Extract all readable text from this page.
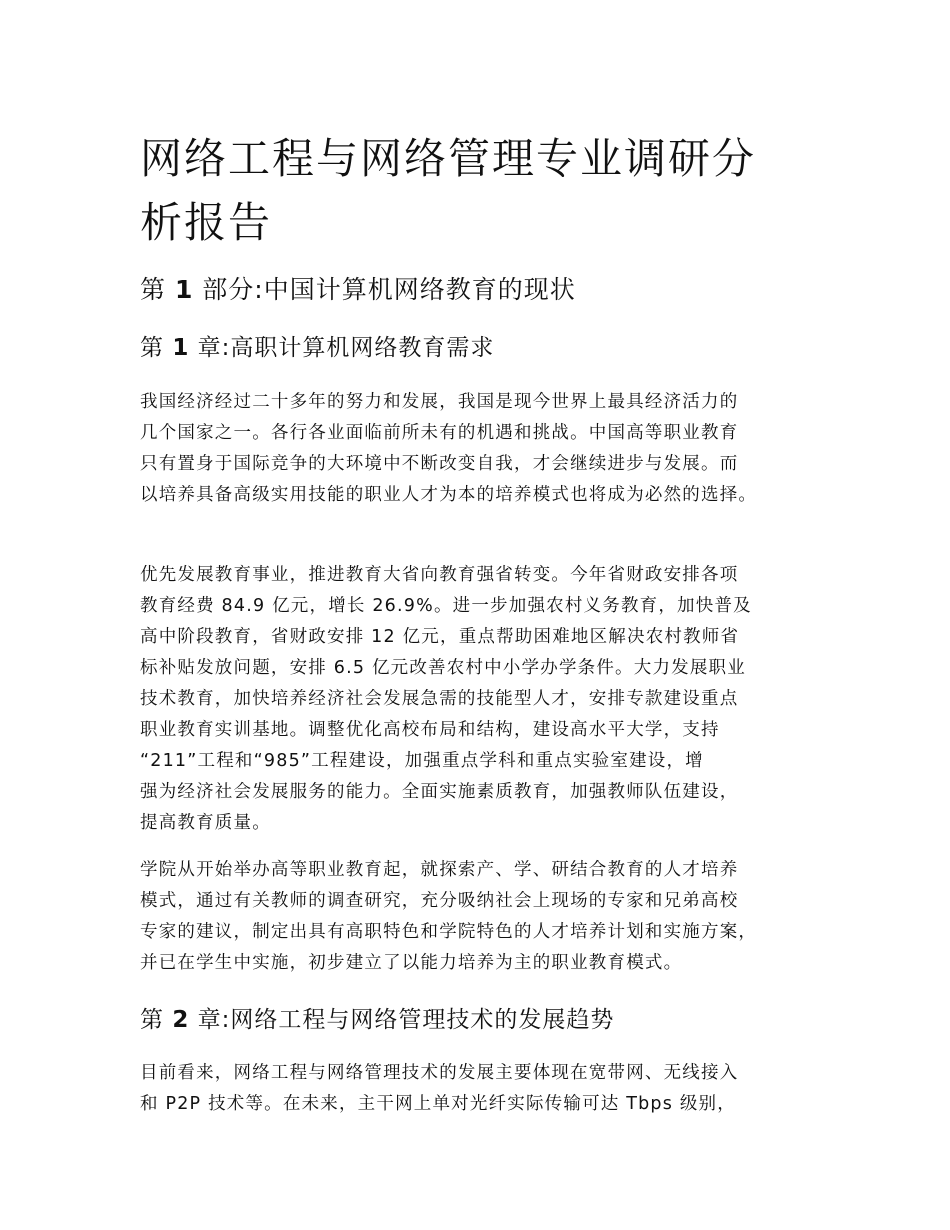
网络工程与网络管理专业调研分
析报告
第 1 部分:中国计算机网络教育的现状
第 1 章:高职计算机网络教育需求
我国经济经过二十多年的努力和发展，我国是现今世界上最具经济活力的
几个国家之一。各行各业面临前所未有的机遇和挑战。中国高等职业教育
只有置身于国际竞争的大环境中不断改变自我，才会继续进步与发展。而
以培养具备高级实用技能的职业人才为本的培养模式也将成为必然的选择。
优先发展教育事业，推进教育大省向教育强省转变。今年省财政安排各项
教育经费 84.9 亿元，增长 26.9%。进一步加强农村义务教育，加快普及
高中阶段教育，省财政安排 12 亿元，重点帮助困难地区解决农村教师省
标补贴发放问题，安排 6.5 亿元改善农村中小学办学条件。大力发展职业
技术教育，加快培养经济社会发展急需的技能型人才，安排专款建设重点
职业教育实训基地。调整优化高校布局和结构，建设高水平大学，支持
“211”工程和“985”工程建设，加强重点学科和重点实验室建设，增
强为经济社会发展服务的能力。全面实施素质教育，加强教师队伍建设，
提高教育质量。
学院从开始举办高等职业教育起，就探索产、学、研结合教育的人才培养
模式，通过有关教师的调查研究，充分吸纳社会上现场的专家和兄弟高校
专家的建议，制定出具有高职特色和学院特色的人才培养计划和实施方案，
并已在学生中实施，初步建立了以能力培养为主的职业教育模式。
第 2 章:网络工程与网络管理技术的发展趋势
目前看来，网络工程与网络管理技术的发展主要体现在宽带网、无线接入
和 P2P 技术等。在未来，主干网上单对光纤实际传输可达 Tbps 级别，
